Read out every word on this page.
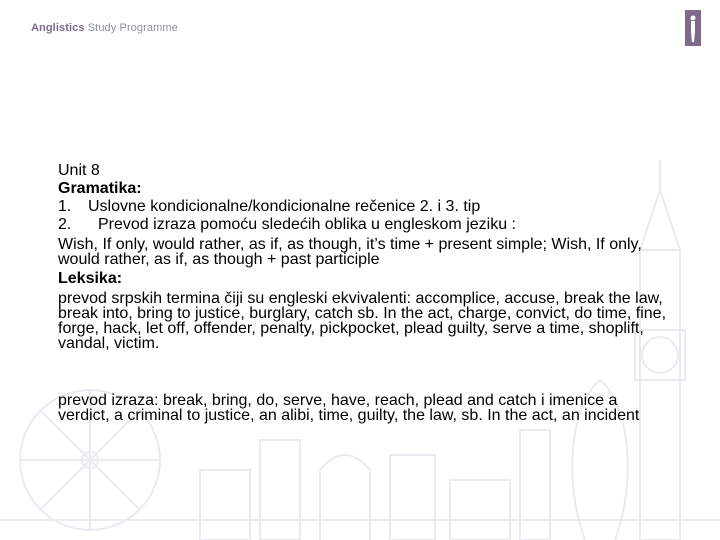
Anglistics Study Programme

Unit 8

Gramatika:

1. Uslovne kondicionalne/kondicionalne rečenice 2. i 3. tip

2. Prevod izraza pomoću sledećih oblika u engleskom jeziku :

Wish, If only, would rather, as if, as though, it’s time + present simple; Wish, If only, would rather, as if, as though + past participle

Leksika:

prevod srpskih termina čiji su engleski ekvivalenti: accomplice, accuse, break the law, break into, bring to justice, burglary, catch sb. In the act, charge, convict, do time, fine, forge, hack, let off, offender, penalty, pickpocket, plead guilty, serve a time, shoplift, vandal, victim.

prevod izraza: break, bring, do, serve, have, reach, plead and catch i imenice a verdict, a criminal to justice, an alibi, time, guilty, the law, sb. In the act, an incident
